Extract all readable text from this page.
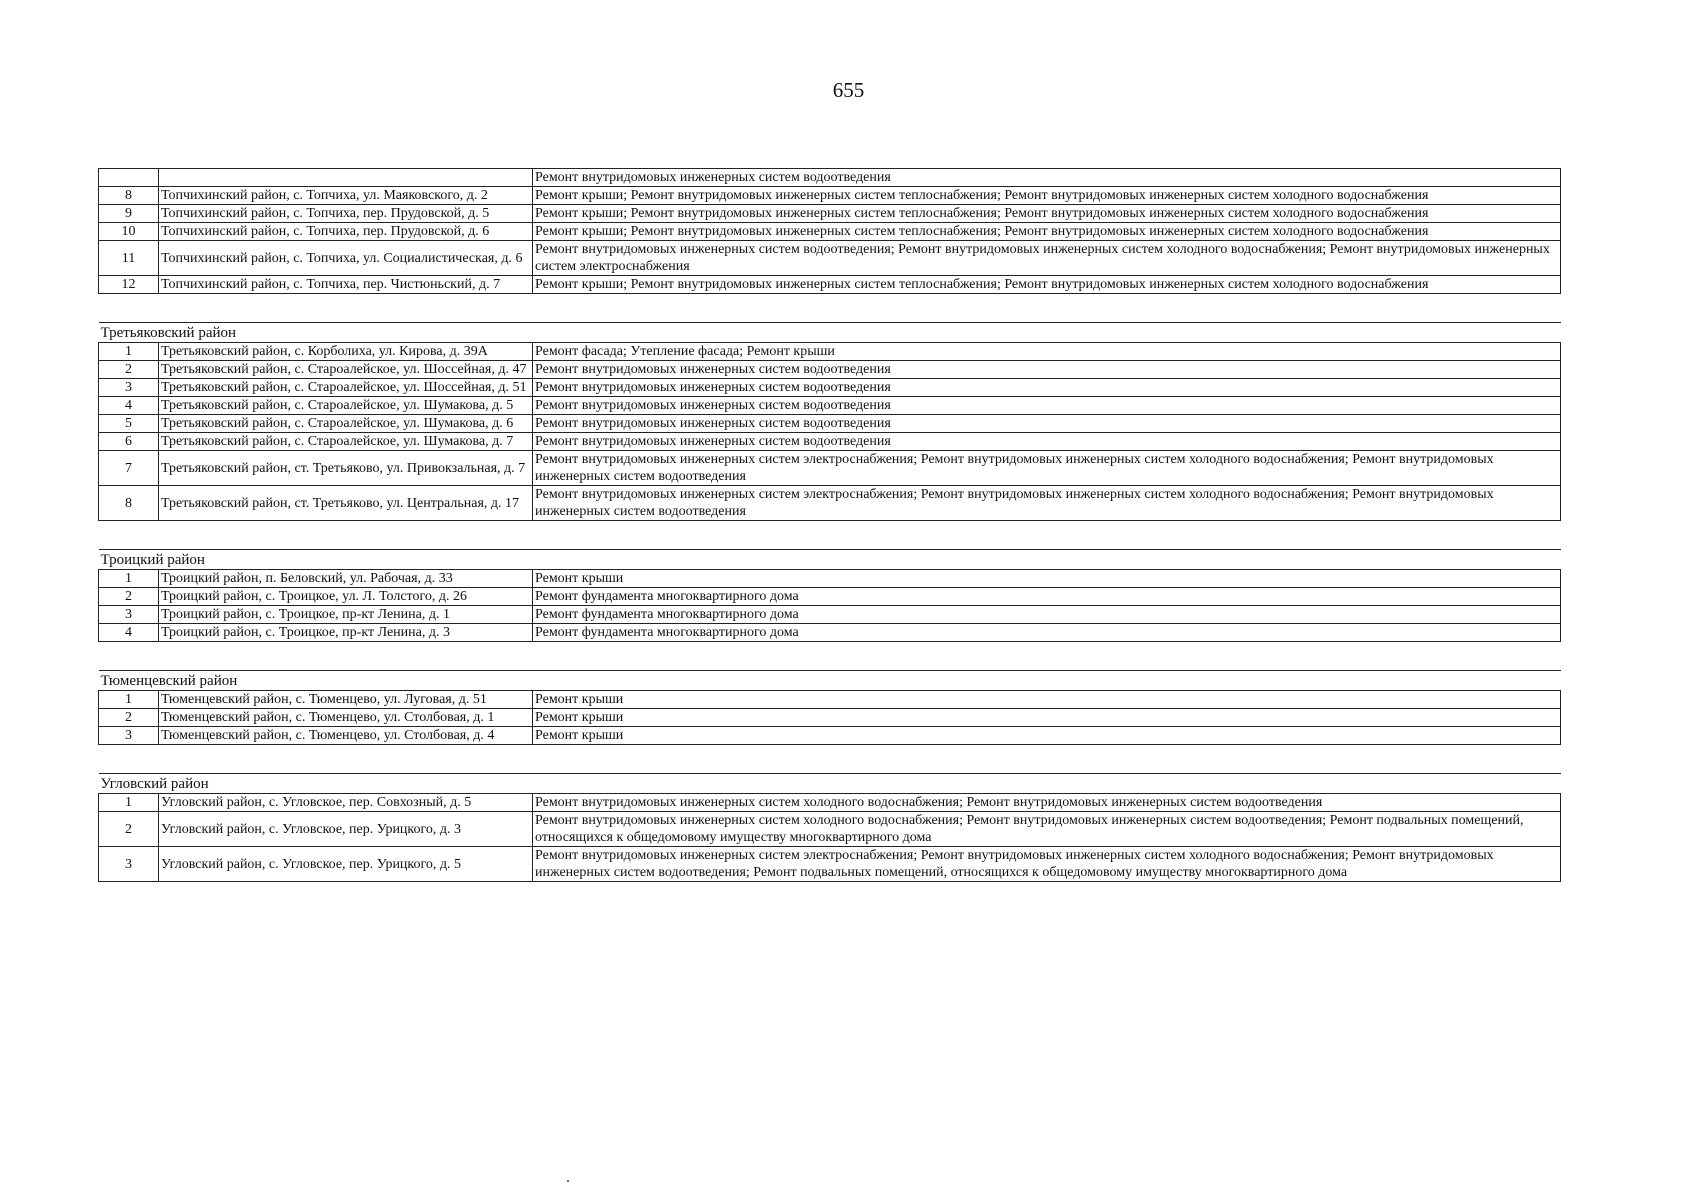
655
		Ремонт внутридомовых инженерных систем водоотведения
8	Топчихинский район, с. Топчиха, ул. Маяковского, д. 2	Ремонт крыши; Ремонт внутридомовых инженерных систем теплоснабжения; Ремонт внутридомовых инженерных систем холодного водоснабжения
9	Топчихинский район, с. Топчиха, пер. Прудовской, д. 5	Ремонт крыши; Ремонт внутридомовых инженерных систем теплоснабжения; Ремонт внутридомовых инженерных систем холодного водоснабжения
10	Топчихинский район, с. Топчиха, пер. Прудовской, д. 6	Ремонт крыши; Ремонт внутридомовых инженерных систем теплоснабжения; Ремонт внутридомовых инженерных систем холодного водоснабжения
11	Топчихинский район, с. Топчиха, ул. Социалистическая, д. 6	Ремонт внутридомовых инженерных систем водоотведения; Ремонт внутридомовых инженерных систем холодного водоснабжения; Ремонт внутридомовых инженерных систем электроснабжения
12	Топчихинский район, с. Топчиха, пер. Чистюньский, д. 7	Ремонт крыши; Ремонт внутридомовых инженерных систем теплоснабжения; Ремонт внутридомовых инженерных систем холодного водоснабжения

Третьяковский район		
1	Третьяковский район, с. Корболиха, ул. Кирова, д. 39А	Ремонт фасада; Утепление фасада; Ремонт крыши
2	Третьяковский район, с. Староалейское, ул. Шоссейная, д. 47	Ремонт внутридомовых инженерных систем водоотведения
3	Третьяковский район, с. Староалейское, ул. Шоссейная, д. 51	Ремонт внутридомовых инженерных систем водоотведения
4	Третьяковский район, с. Староалейское, ул. Шумакова, д. 5	Ремонт внутридомовых инженерных систем водоотведения
5	Третьяковский район, с. Староалейское, ул. Шумакова, д. 6	Ремонт внутридомовых инженерных систем водоотведения
6	Третьяковский район, с. Староалейское, ул. Шумакова, д. 7	Ремонт внутридомовых инженерных систем водоотведения
7	Третьяковский район, ст. Третьяково, ул. Привокзальная, д. 7	Ремонт внутридомовых инженерных систем электроснабжения; Ремонт внутридомовых инженерных систем холодного водоснабжения; Ремонт внутридомовых инженерных систем водоотведения
8	Третьяковский район, ст. Третьяково, ул. Центральная, д. 17	Ремонт внутридомовых инженерных систем электроснабжения; Ремонт внутридомовых инженерных систем холодного водоснабжения; Ремонт внутридомовых инженерных систем водоотведения

Троицкий район		
1	Троицкий район, п. Беловский, ул. Рабочая, д. 33	Ремонт крыши
2	Троицкий район, с. Троицкое, ул. Л. Толстого, д. 26	Ремонт фундамента многоквартирного дома
3	Троицкий район, с. Троицкое, пр-кт Ленина, д. 1	Ремонт фундамента многоквартирного дома
4	Троицкий район, с. Троицкое, пр-кт Ленина, д. 3	Ремонт фундамента многоквартирного дома

Тюменцевский район		
1	Тюменцевский район, с. Тюменцево, ул. Луговая, д. 51	Ремонт крыши
2	Тюменцевский район, с. Тюменцево, ул. Столбовая, д. 1	Ремонт крыши
3	Тюменцевский район, с. Тюменцево, ул. Столбовая, д. 4	Ремонт крыши

Угловский район		
1	Угловский район, с. Угловское, пер. Совхозный, д. 5	Ремонт внутридомовых инженерных систем холодного водоснабжения; Ремонт внутридомовых инженерных систем водоотведения
2	Угловский район, с. Угловское, пер. Урицкого, д. 3	Ремонт внутридомовых инженерных систем холодного водоснабжения; Ремонт внутридомовых инженерных систем водоотведения; Ремонт подвальных помещений, относящихся к общедомовому имуществу многоквартирного дома
3	Угловский район, с. Угловское, пер. Урицкого, д. 5	Ремонт внутридомовых инженерных систем электроснабжения; Ремонт внутридомовых инженерных систем холодного водоснабжения; Ремонт внутридомовых инженерных систем водоотведения; Ремонт подвальных помещений, относящихся к общедомовому имуществу многоквартирного дома
